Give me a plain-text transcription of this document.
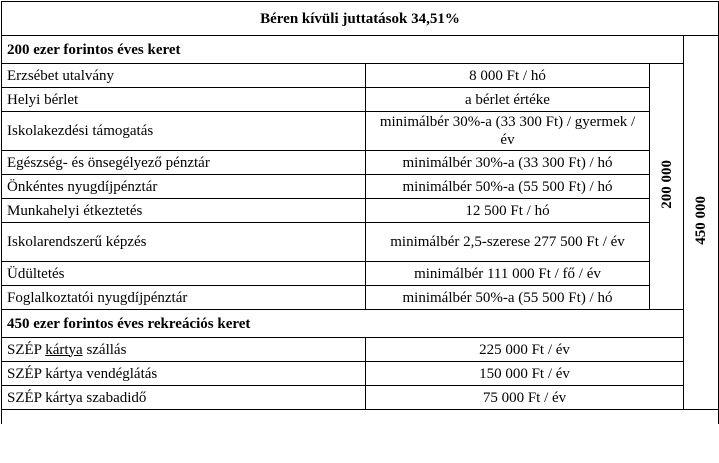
Béren kívüli juttatások 34,51%			
200 ezer forintos éves keret			450 000
Erzsébet utalvány	8 000 Ft / hó	200 000	
Helyi bérlet	a bérlet értéke		
Iskolakezdési támogatás	minimálbér 30%-a (33 300 Ft) / gyermek / év		
Egészség- és önsegélyező pénztár	minimálbér 30%-a (33 300 Ft) / hó		
Önkéntes nyugdíjpénztár	minimálbér 50%-a (55 500 Ft) / hó		
Munkahelyi étkeztetés	12 500 Ft / hó		
Iskolarendszerű képzés	minimálbér 2,5-szerese 277 500 Ft / év		
Üdültetés	minimálbér 111 000 Ft / fő / év		
Foglalkoztatói nyugdíjpénztár	minimálbér 50%-a (55 500 Ft) / hó		
450 ezer forintos éves rekreációs keret			
SZÉP kártya szállás	225 000 Ft / év		
SZÉP kártya vendéglátás	150 000 Ft / év		
SZÉP kártya szabadidő	75 000 Ft / év		
